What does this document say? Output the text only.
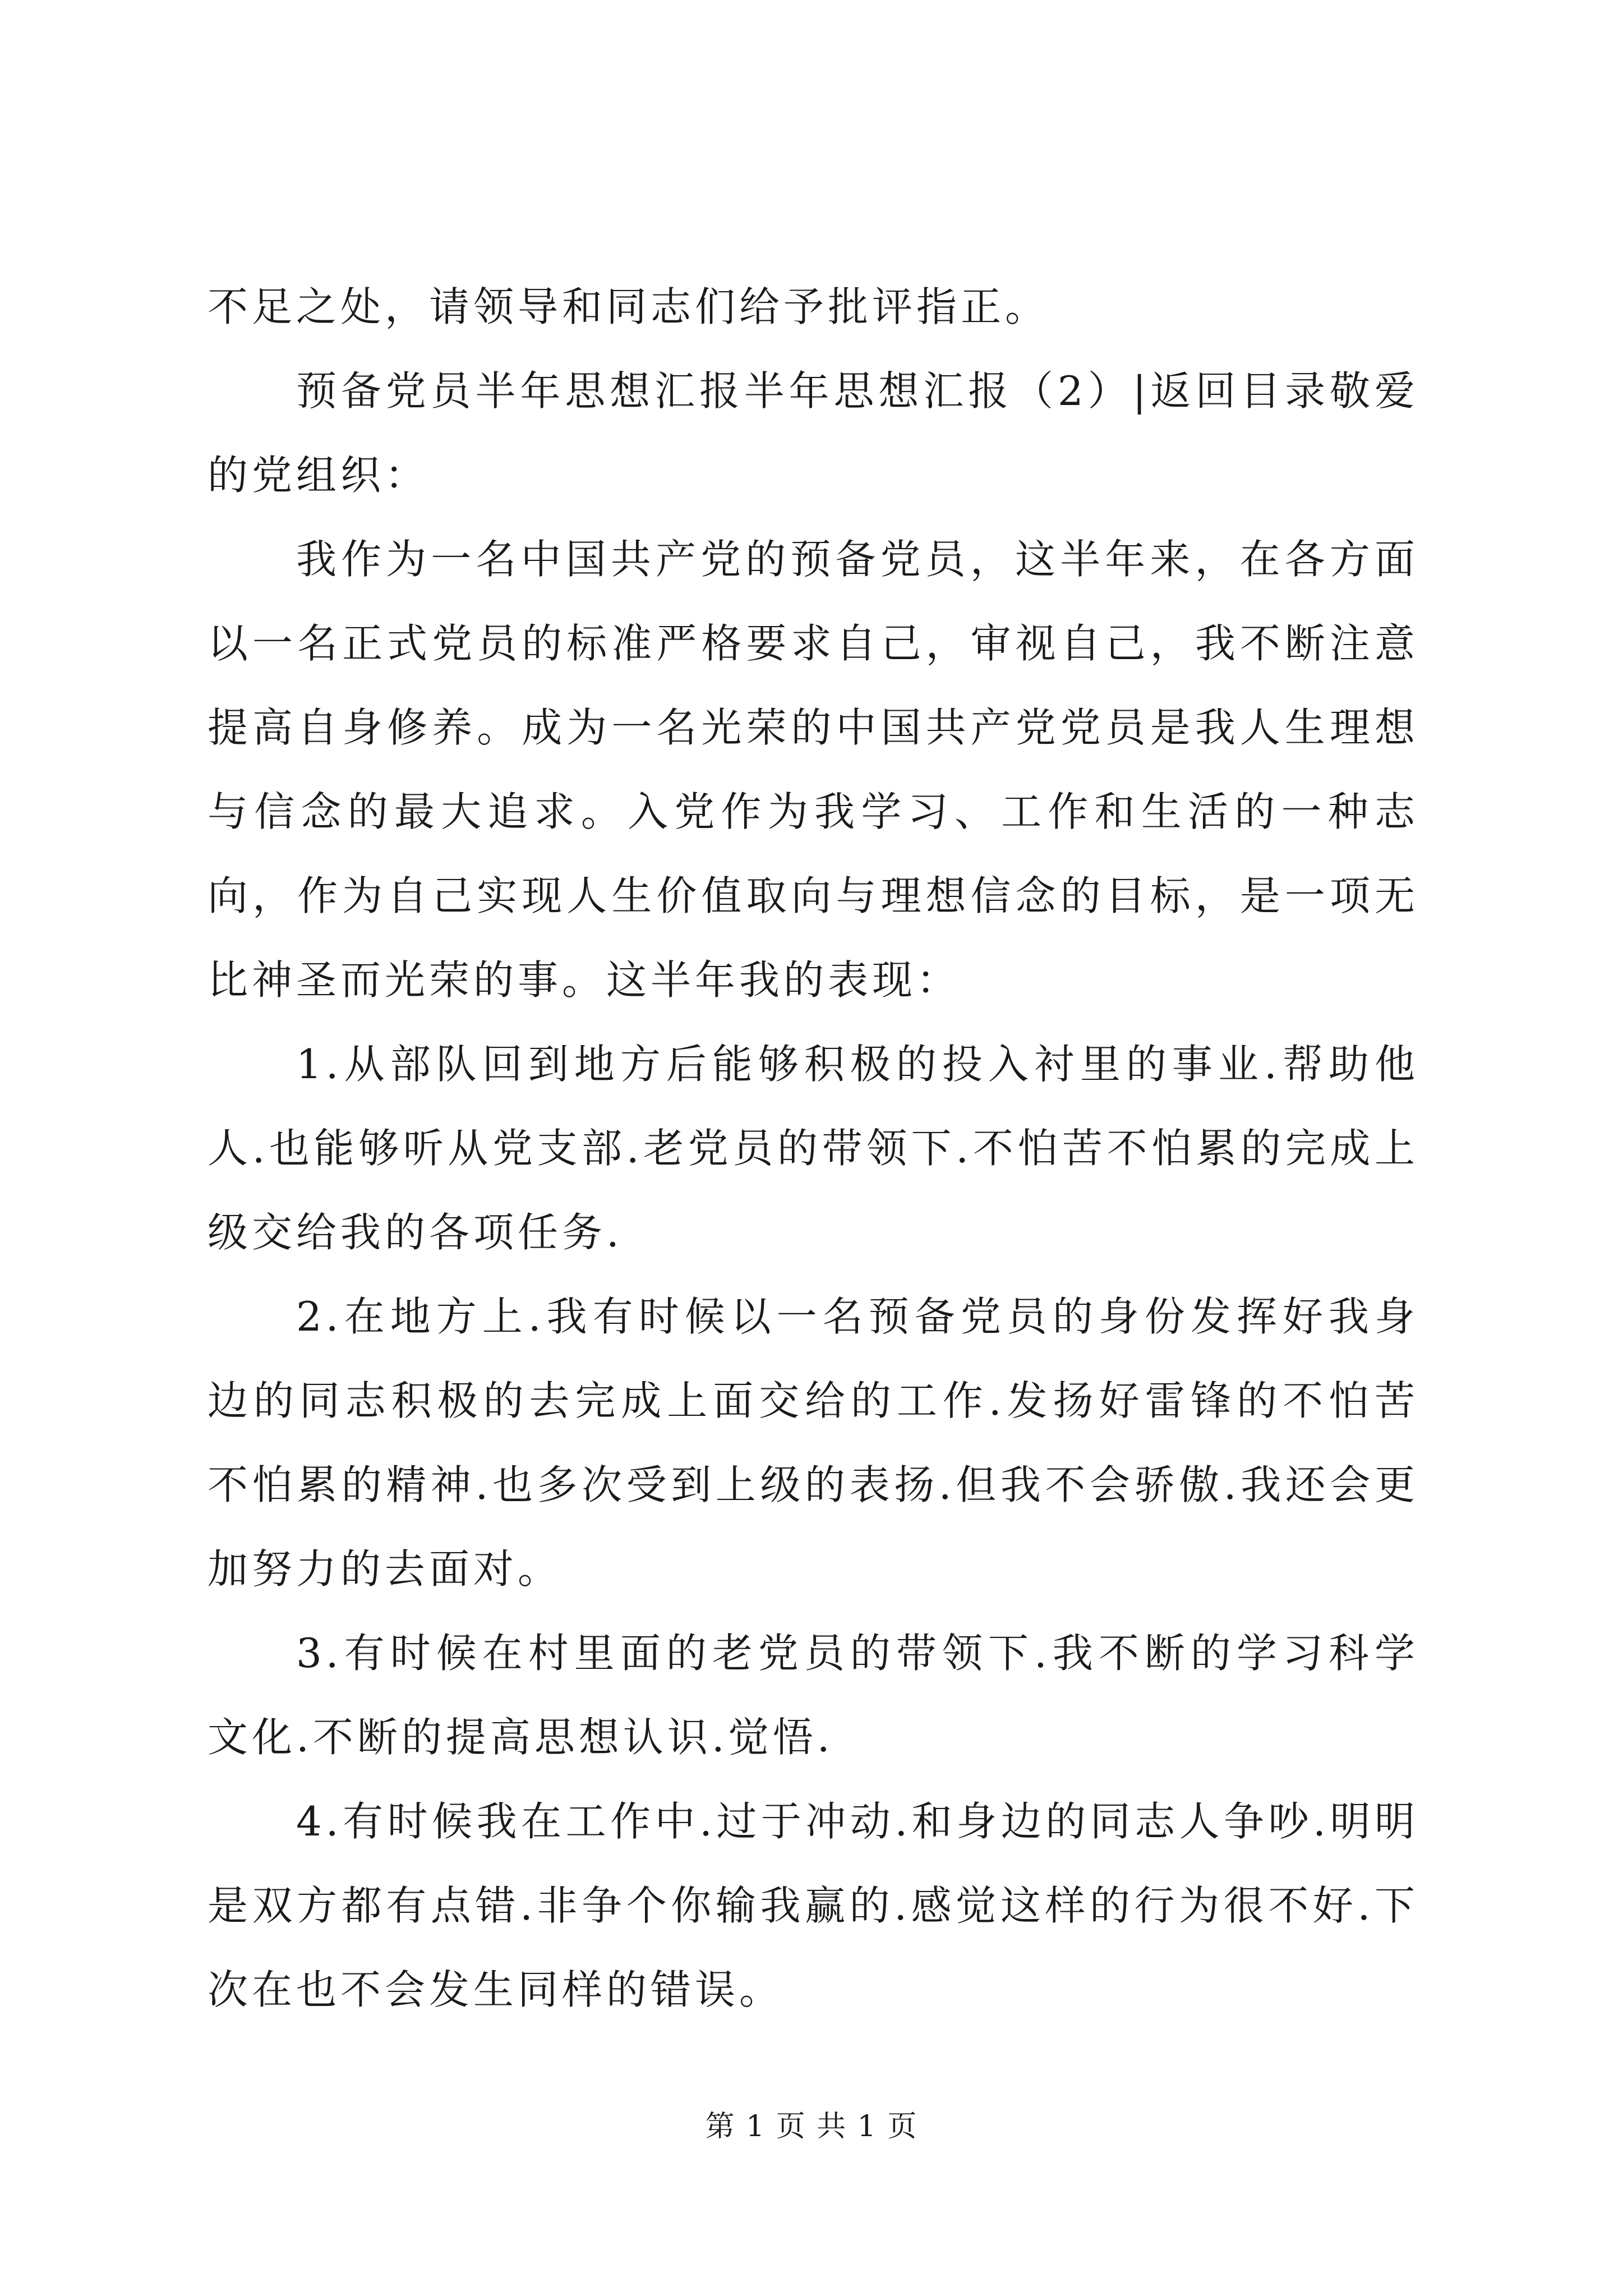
不足之处，请领导和同志们给予批评指正。

预备党员半年思想汇报半年思想汇报（2）|返回目录敬爱的党组织：

我作为一名中国共产党的预备党员，这半年来，在各方面以一名正式党员的标准严格要求自己，审视自己，我不断注意提高自身修养。成为一名光荣的中国共产党党员是我人生理想与信念的最大追求。入党作为我学习、工作和生活的一种志向，作为自己实现人生价值取向与理想信念的目标，是一项无比神圣而光荣的事。这半年我的表现：

1.从部队回到地方后能够积极的投入衬里的事业.帮助他人.也能够听从党支部.老党员的带领下.不怕苦不怕累的完成上级交给我的各项任务.

2.在地方上.我有时候以一名预备党员的身份发挥好我身边的同志积极的去完成上面交给的工作.发扬好雷锋的不怕苦不怕累的精神.也多次受到上级的表扬.但我不会骄傲.我还会更加努力的去面对。

3.有时候在村里面的老党员的带领下.我不断的学习科学文化.不断的提高思想认识.觉悟.

4.有时候我在工作中.过于冲动.和身边的同志人争吵.明明是双方都有点错.非争个你输我赢的.感觉这样的行为很不好.下次在也不会发生同样的错误。

第 1 页 共 1 页
